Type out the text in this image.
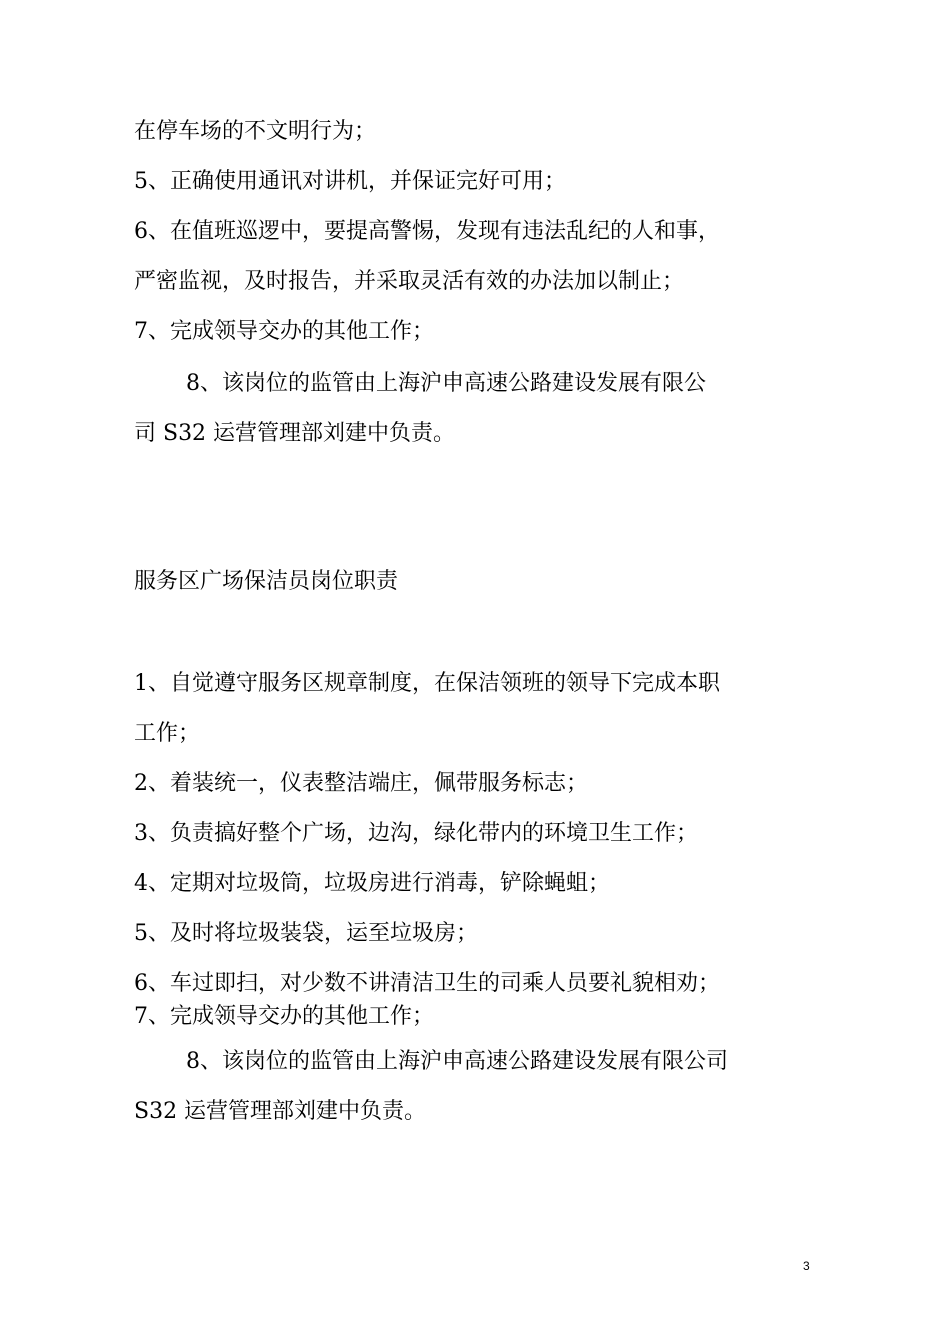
在停车场的不文明行为；

5、正确使用通讯对讲机，并保证完好可用；

6、在值班巡逻中，要提高警惕，发现有违法乱纪的人和事，

严密监视，及时报告，并采取灵活有效的办法加以制止；

7、完成领导交办的其他工作；

8、该岗位的监管由上海沪申高速公路建设发展有限公

司 S32 运营管理部刘建中负责。

服务区广场保洁员岗位职责

1、自觉遵守服务区规章制度，在保洁领班的领导下完成本职

工作；

2、着装统一，仪表整洁端庄，佩带服务标志；

3、负责搞好整个广场，边沟，绿化带内的环境卫生工作；

4、定期对垃圾筒，垃圾房进行消毒，铲除蝇蛆；

5、及时将垃圾装袋，运至垃圾房；

6、车过即扫，对少数不讲清洁卫生的司乘人员要礼貌相劝；

7、完成领导交办的其他工作；

8、该岗位的监管由上海沪申高速公路建设发展有限公司

S32 运营管理部刘建中负责。

3
